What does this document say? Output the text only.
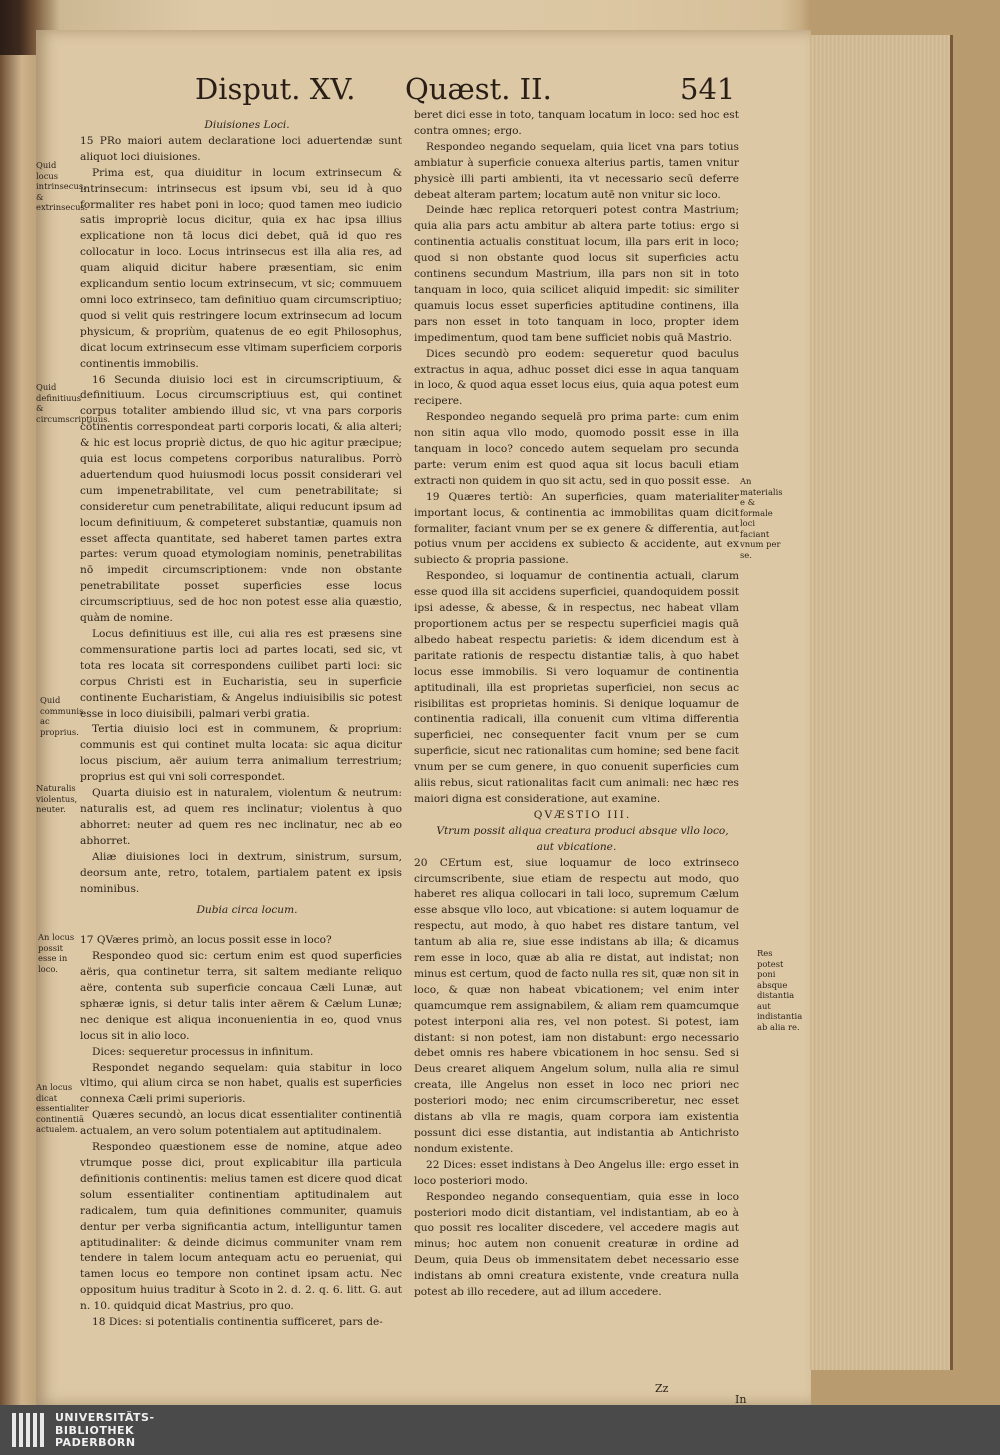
Disput. XV. Quæst. II.	541

Diuisiones Loci.

15 PRo maiori autem declaratione loci aduertendæ sunt aliquot loci diuisiones.

Prima est, qua diuiditur in locum extrinsecum & intrinsecum: intrinsecus est ipsum vbi, seu id à quo formaliter res habet poni in loco; quod tamen meo iudicio satis impropriè locus dicitur, quia ex hac ipsa illius explicatione non tā locus dici debet, quā id quo res collocatur in loco. Locus intrinsecus est illa alia res, ad quam aliquid dicitur habere præsentiam, sic enim explicandum sentio locum extrinsecum, vt sic; commuuem omni loco extrinseco, tam definitiuo quam circumscriptiuo; quod si velit quis restringere locum extrinsecum ad locum physicum, & propriùm, quatenus de eo egit Philosophus, dicat locum extrinsecum esse vltimam superficiem corporis continentis immobilis.

16 Secunda diuisio loci est in circumscriptiuum, & definitiuum. Locus circumscriptiuus est, qui continet corpus totaliter ambiendo illud sic, vt vna pars corporis cōtinentis correspondeat parti corporis locati, & alia alteri; & hic est locus propriè dictus, de quo hic agitur præcipue; quia est locus competens corporibus naturalibus. Porrò aduertendum quod huiusmodi locus possit considerari vel cum impenetrabilitate, vel cum penetrabilitate; si consideretur cum penetrabilitate, aliqui reducunt ipsum ad locum definitiuum, & competeret substantiæ, quamuis non esset affecta quantitate, sed haberet tamen partes extra partes: verum quoad etymologiam nominis, penetrabilitas nō impedit circumscriptionem: vnde non obstante penetrabilitate posset superficies esse locus circumscriptiuus, sed de hoc non potest esse alia quæstio, quàm de nomine.

Locus definitiuus est ille, cui alia res est præsens sine commensuratione partis loci ad partes locati, sed sic, vt tota res locata sit correspondens cuilibet parti loci: sic corpus Christi est in Eucharistia, seu in superficie continente Eucharistiam, & Angelus indiuisibilis sic potest esse in loco diuisibili, palmari verbi gratia.

Tertia diuisio loci est in communem, & proprium: communis est qui continet multa locata: sic aqua dicitur locus piscium, aër auium terra animalium terrestrium; proprius est qui vni soli correspondet.

Quarta diuisio est in naturalem, violentum & neutrum: naturalis est, ad quem res inclinatur; violentus à quo abhorret: neuter ad quem res nec inclinatur, nec ab eo abhorret.

Aliæ diuisiones loci in dextrum, sinistrum, sursum, deorsum ante, retro, totalem, partialem patent ex ipsis nominibus.

Dubia circa locum.

17 QVæres primò, an locus possit esse in loco?

Respondeo quod sic: certum enim est quod superficies aëris, qua continetur terra, sit saltem mediante reliquo aëre, contenta sub superficie concaua Cæli Lunæ, aut sphæræ ignis, si detur talis inter aërem & Cælum Lunæ; nec denique est aliqua inconuenientia in eo, quod vnus locus sit in alio loco.

Dices: sequeretur processus in infinitum.

Respondet negando sequelam: quia stabitur in loco vltimo, qui alium circa se non habet, qualis est superficies connexa Cæli primi superioris.

Quæres secundò, an locus dicat essentialiter continentiā actualem, an vero solum potentialem aut aptitudinalem.

Respondeo quæstionem esse de nomine, atque adeo vtrumque posse dici, prout explicabitur illa particula definitionis continentis: melius tamen est dicere quod dicat solum essentialiter continentiam aptitudinalem aut radicalem, tum quia definitiones communiter, quamuis dentur per verba significantia actum, intelliguntur tamen aptitudinaliter: & deinde dicimus communiter vnam rem tendere in talem locum antequam actu eo perueniat, qui tamen locus eo tempore non continet ipsam actu. Nec oppositum huius traditur à Scoto in 2. d. 2. q. 6. litt. G. aut n. 10. quidquid dicat Mastrius, pro quo.

18 Dices: si potentialis continentia sufficeret, pars de-

beret dici esse in toto, tanquam locatum in loco: sed hoc est contra omnes; ergo.

Respondeo negando sequelam, quia licet vna pars totius ambiatur à superficie conuexa alterius partis, tamen vnitur physicè illi parti ambienti, ita vt necessario secū deferre debeat alteram partem; locatum autē non vnitur sic loco.

Deinde hæc replica retorqueri potest contra Mastrium; quia alia pars actu ambitur ab altera parte totius: ergo si continentia actualis constituat locum, illa pars erit in loco; quod si non obstante quod locus sit superficies actu continens secundum Mastrium, illa pars non sit in toto tanquam in loco, quia scilicet aliquid impedit: sic similiter quamuis locus esset superficies aptitudine continens, illa pars non esset in toto tanquam in loco, propter idem impedimentum, quod tam bene sufficiet nobis quā Mastrio.

Dices secundò pro eodem: sequeretur quod baculus extractus in aqua, adhuc posset dici esse in aqua tanquam in loco, & quod aqua esset locus eius, quia aqua potest eum recipere.

Respondeo negando sequelā pro prima parte: cum enim non sitin aqua vllo modo, quomodo possit esse in illa tanquam in loco? concedo autem sequelam pro secunda parte: verum enim est quod aqua sit locus baculi etiam extracti non quidem in quo sit actu, sed in quo possit esse.

19 Quæres tertiò: An superficies, quam materialiter important locus, & continentia ac immobilitas quam dicit formaliter, faciant vnum per se ex genere & differentia, aut potius vnum per accidens ex subiecto & accidente, aut ex subiecto & propria passione.

Respondeo, si loquamur de continentia actuali, clarum esse quod illa sit accidens superficiei, quandoquidem possit ipsi adesse, & abesse, & in respectus, nec habeat vllam proportionem actus per se respectu superficiei magis quā albedo habeat respectu parietis: & idem dicendum est à paritate rationis de respectu distantiæ talis, à quo habet locus esse immobilis. Si vero loquamur de continentia aptitudinali, illa est proprietas superficiei, non secus ac risibilitas est proprietas hominis. Si denique loquamur de continentia radicali, illa conuenit cum vltima differentia superficiei, nec consequenter facit vnum per se cum superficie, sicut nec rationalitas cum homine; sed bene facit vnum per se cum genere, in quo conuenit superficies cum aliis rebus, sicut rationalitas facit cum animali: nec hæc res maiori digna est consideratione, aut examine.

QVÆSTIO III.

Vtrum possit aliqua creatura produci absque vllo loco, aut vbicatione.

20 CErtum est, siue loquamur de loco extrinseco circumscribente, siue etiam de respectu aut modo, quo haberet res aliqua collocari in tali loco, supremum Cælum esse absque vllo loco, aut vbicatione: si autem loquamur de respectu, aut modo, à quo habet res distare tantum, vel tantum ab alia re, siue esse indistans ab illa; & dicamus rem esse in loco, quæ ab alia re distat, aut indistat; non minus est certum, quod de facto nulla res sit, quæ non sit in loco, & quæ non habeat vbicationem; vel enim inter quamcumque rem assignabilem, & aliam rem quamcumque potest interponi alia res, vel non potest. Si potest, iam distant: si non potest, iam non distabunt: ergo necessario debet omnis res habere vbicationem in hoc sensu. Sed si Deus crearet aliquem Angelum solum, nulla alia re simul creata, ille Angelus non esset in loco nec priori nec posteriori modo; nec enim circumscriberetur, nec esset distans ab vlla re magis, quam corpora iam existentia possunt dici esse distantia, aut indistantia ab Antichristo nondum existente.

22 Dices: esset indistans à Deo Angelus ille: ergo esset in loco posteriori modo.

Respondeo negando consequentiam, quia esse in loco posteriori modo dicit distantiam, vel indistantiam, ab eo à quo possit res localiter discedere, vel accedere magis aut minus; hoc autem non conuenit creaturæ in ordine ad Deum, quia Deus ob immensitatem debet necessario esse indistans ab omni creatura existente, vnde creatura nulla potest ab illo recedere, aut ad illum accedere.

Quid locus intrinsecus, & extrinsecus.
Quid definitiuus & circumscriptiuus.
Quid communis ac proprius.
Naturalis violentus, neuter.
An locus possit esse in loco.
An locus dicat essentialiter continentiā actualem.
An materialis e & formale loci faciant vnum per se.
Res potest poni absque distantia aut indistantia ab alia re.
Zz
In
UNIVERSITÄTS-
BIBLIOTHEK
PADERBORN
